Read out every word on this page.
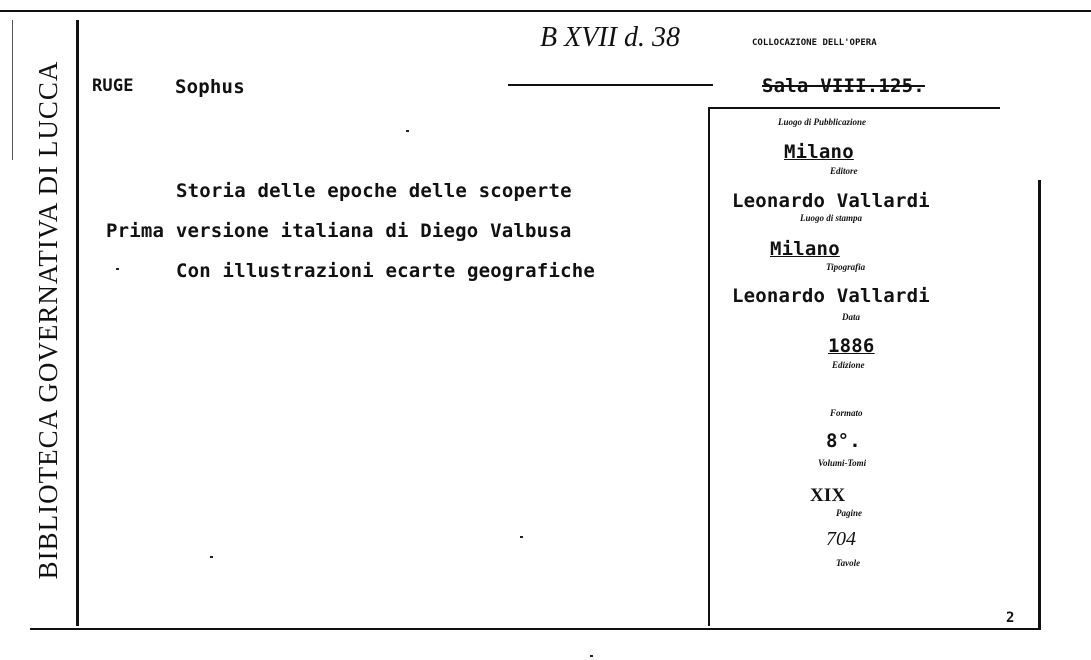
BIBLIOTECA GOVERNATIVA DI LUCCA RUGE Sophus
B XVII d. 38	COLLOCAZIONE DELL'OPERA
Sala VIII.125.
Storia delle epoche delle scoperte
Prima versione italiana di Diego Valbusa
Con illustrazioni ecarte geografiche
Luogo di Pubblicazione
Milano
Editore
Leonardo Vallardi
Luogo di stampa
Milano
Tipografia
Leonardo Vallardi
Data
1886
Edizione
Formato
8°.
Volumi-Tomi
XIX
Pagine
704
Tavole
2
